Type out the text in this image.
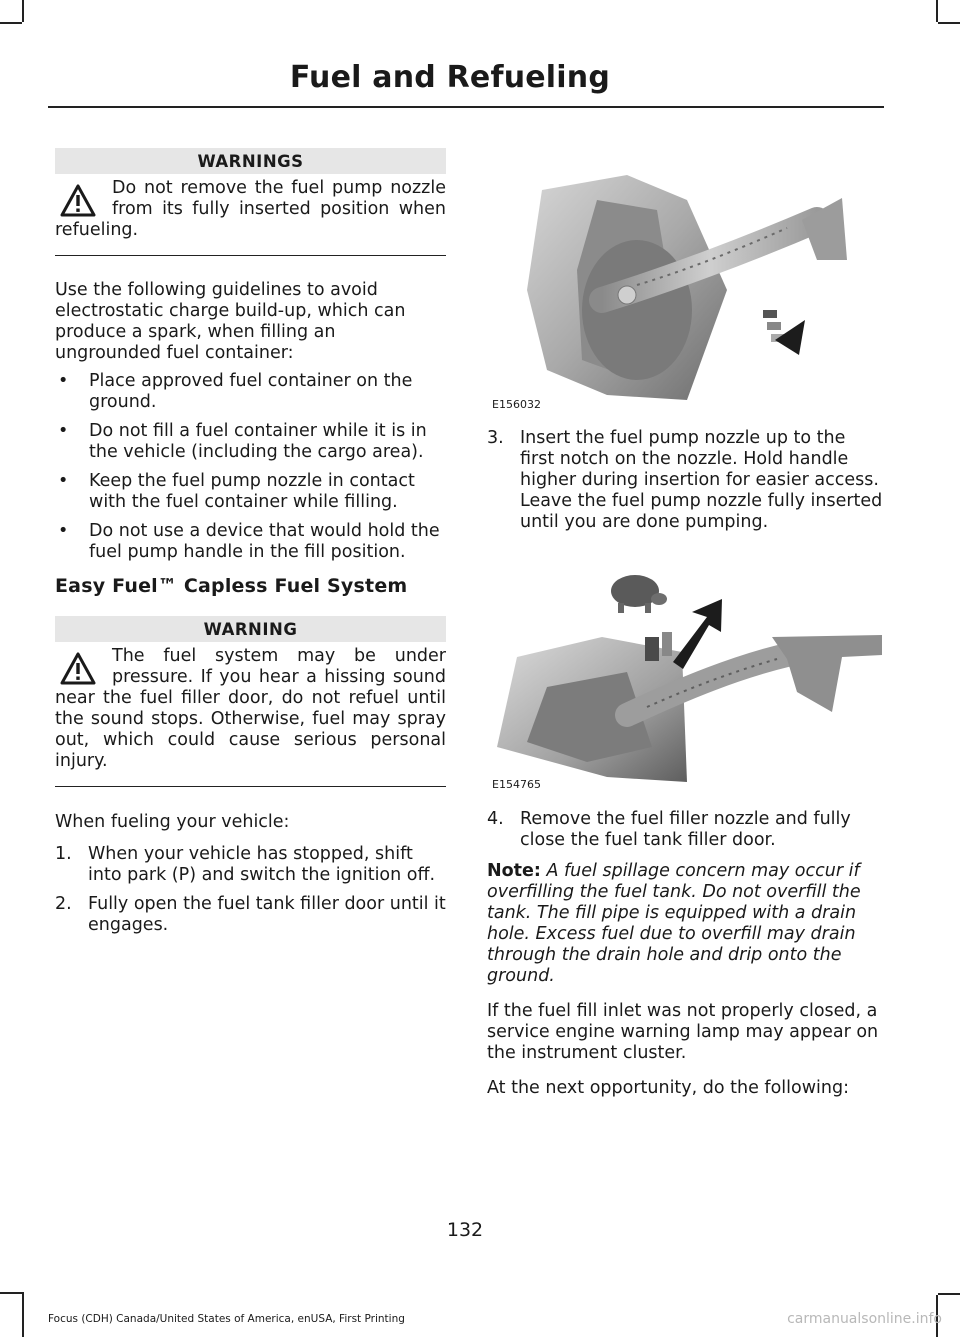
Fuel and Refueling
WARNINGS

Do not remove the fuel pump nozzle from its fully inserted position when refueling.

Use the following guidelines to avoid electrostatic charge build-up, which can produce a spark, when filling an ungrounded fuel container:

• Place approved fuel container on the ground.
• Do not fill a fuel container while it is in the vehicle (including the cargo area).
• Keep the fuel pump nozzle in contact with the fuel container while filling.
• Do not use a device that would hold the fuel pump handle in the fill position.
Easy Fuel™ Capless Fuel System
WARNING

The fuel system may be under pressure. If you hear a hissing sound near the fuel filler door, do not refuel until the sound stops. Otherwise, fuel may spray out, which could cause serious personal injury.

When fueling your vehicle:

1. When your vehicle has stopped, shift into park (P) and switch the ignition off.
2. Fully open the fuel tank filler door until it engages.
E156032
3. Insert the fuel pump nozzle up to the first notch on the nozzle. Hold handle higher during insertion for easier access. Leave the fuel pump nozzle fully inserted until you are done pumping.
E154765
4. Remove the fuel filler nozzle and fully close the fuel tank filler door.

Note: A fuel spillage concern may occur if overfilling the fuel tank. Do not overfill the tank. The fill pipe is equipped with a drain hole. Excess fuel due to overfill may drain through the drain hole and drip onto the ground.

If the fuel fill inlet was not properly closed, a service engine warning lamp may appear on the instrument cluster.

At the next opportunity, do the following:

132
Focus (CDH) Canada/United States of America, enUSA, First Printing	carmanualsonline.info
